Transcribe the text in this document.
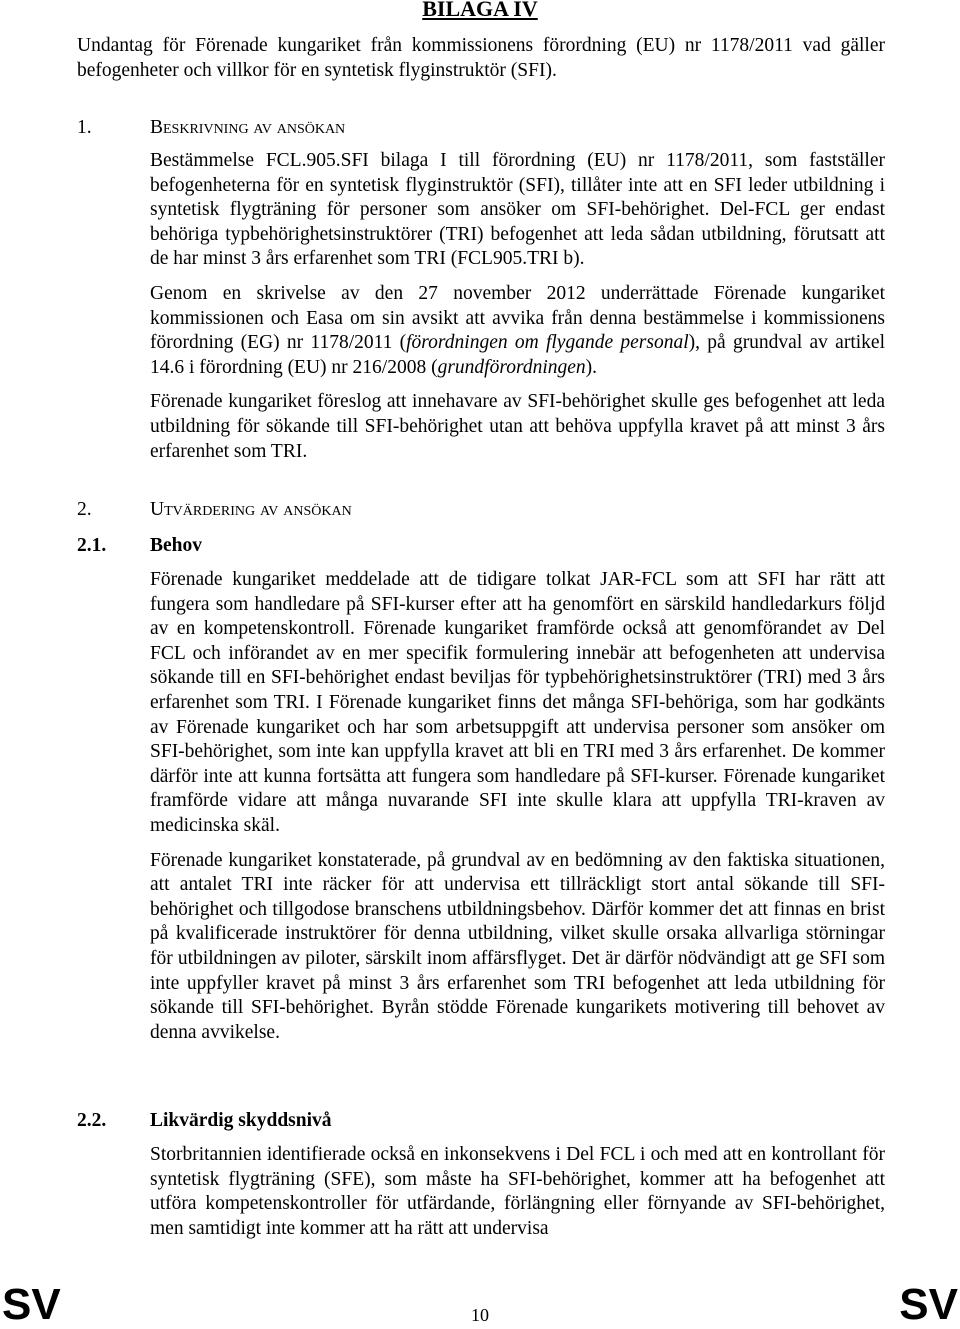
BILAGA IV
Undantag för Förenade kungariket från kommissionens förordning (EU) nr 1178/2011 vad gäller befogenheter och villkor för en syntetisk flyginstruktör (SFI).
1.	Beskrivning av ansökan

Bestämmelse FCL.905.SFI bilaga I till förordning (EU) nr 1178/2011, som fastställer befogenheterna för en syntetisk flyginstruktör (SFI), tillåter inte att en SFI leder utbildning i syntetisk flygträning för personer som ansöker om SFI-behörighet. Del-FCL ger endast behöriga typbehörighetsinstruktörer (TRI) befogenhet att leda sådan utbildning, förutsatt att de har minst 3 års erfarenhet som TRI (FCL905.TRI b).

Genom en skrivelse av den 27 november 2012 underrättade Förenade kungariket kommissionen och Easa om sin avsikt att avvika från denna bestämmelse i kommissionens förordning (EG) nr 1178/2011 (förordningen om flygande personal), på grundval av artikel 14.6 i förordning (EU) nr 216/2008 (grundförordningen).

Förenade kungariket föreslog att innehavare av SFI-behörighet skulle ges befogenhet att leda utbildning för sökande till SFI-behörighet utan att behöva uppfylla kravet på att minst 3 års erfarenhet som TRI.

2.	Utvärdering av ansökan
2.1.	Behov

Förenade kungariket meddelade att de tidigare tolkat JAR-FCL som att SFI har rätt att fungera som handledare på SFI-kurser efter att ha genomfört en särskild handledarkurs följd av en kompetenskontroll. Förenade kungariket framförde också att genomförandet av Del FCL och införandet av en mer specifik formulering innebär att befogenheten att undervisa sökande till en SFI-behörighet endast beviljas för typbehörighetsinstruktörer (TRI) med 3 års erfarenhet som TRI. I Förenade kungariket finns det många SFI-behöriga, som har godkänts av Förenade kungariket och har som arbetsuppgift att undervisa personer som ansöker om SFI-behörighet, som inte kan uppfylla kravet att bli en TRI med 3 års erfarenhet. De kommer därför inte att kunna fortsätta att fungera som handledare på SFI-kurser. Förenade kungariket framförde vidare att många nuvarande SFI inte skulle klara att uppfylla TRI-kraven av medicinska skäl.

Förenade kungariket konstaterade, på grundval av en bedömning av den faktiska situationen, att antalet TRI inte räcker för att undervisa ett tillräckligt stort antal sökande till SFI-behörighet och tillgodose branschens utbildningsbehov. Därför kommer det att finnas en brist på kvalificerade instruktörer för denna utbildning, vilket skulle orsaka allvarliga störningar för utbildningen av piloter, särskilt inom affärsflyget. Det är därför nödvändigt att ge SFI som inte uppfyller kravet på minst 3 års erfarenhet som TRI befogenhet att leda utbildning för sökande till SFI-behörighet. Byrån stödde Förenade kungarikets motivering till behovet av denna avvikelse.

2.2.	Likvärdig skyddsnivå

Storbritannien identifierade också en inkonsekvens i Del FCL i och med att en kontrollant för syntetisk flygträning (SFE), som måste ha SFI-behörighet, kommer att ha befogenhet att utföra kompetenskontroller för utfärdande, förlängning eller förnyande av SFI-behörighet, men samtidigt inte kommer att ha rätt att undervisa

SV	10	SV
